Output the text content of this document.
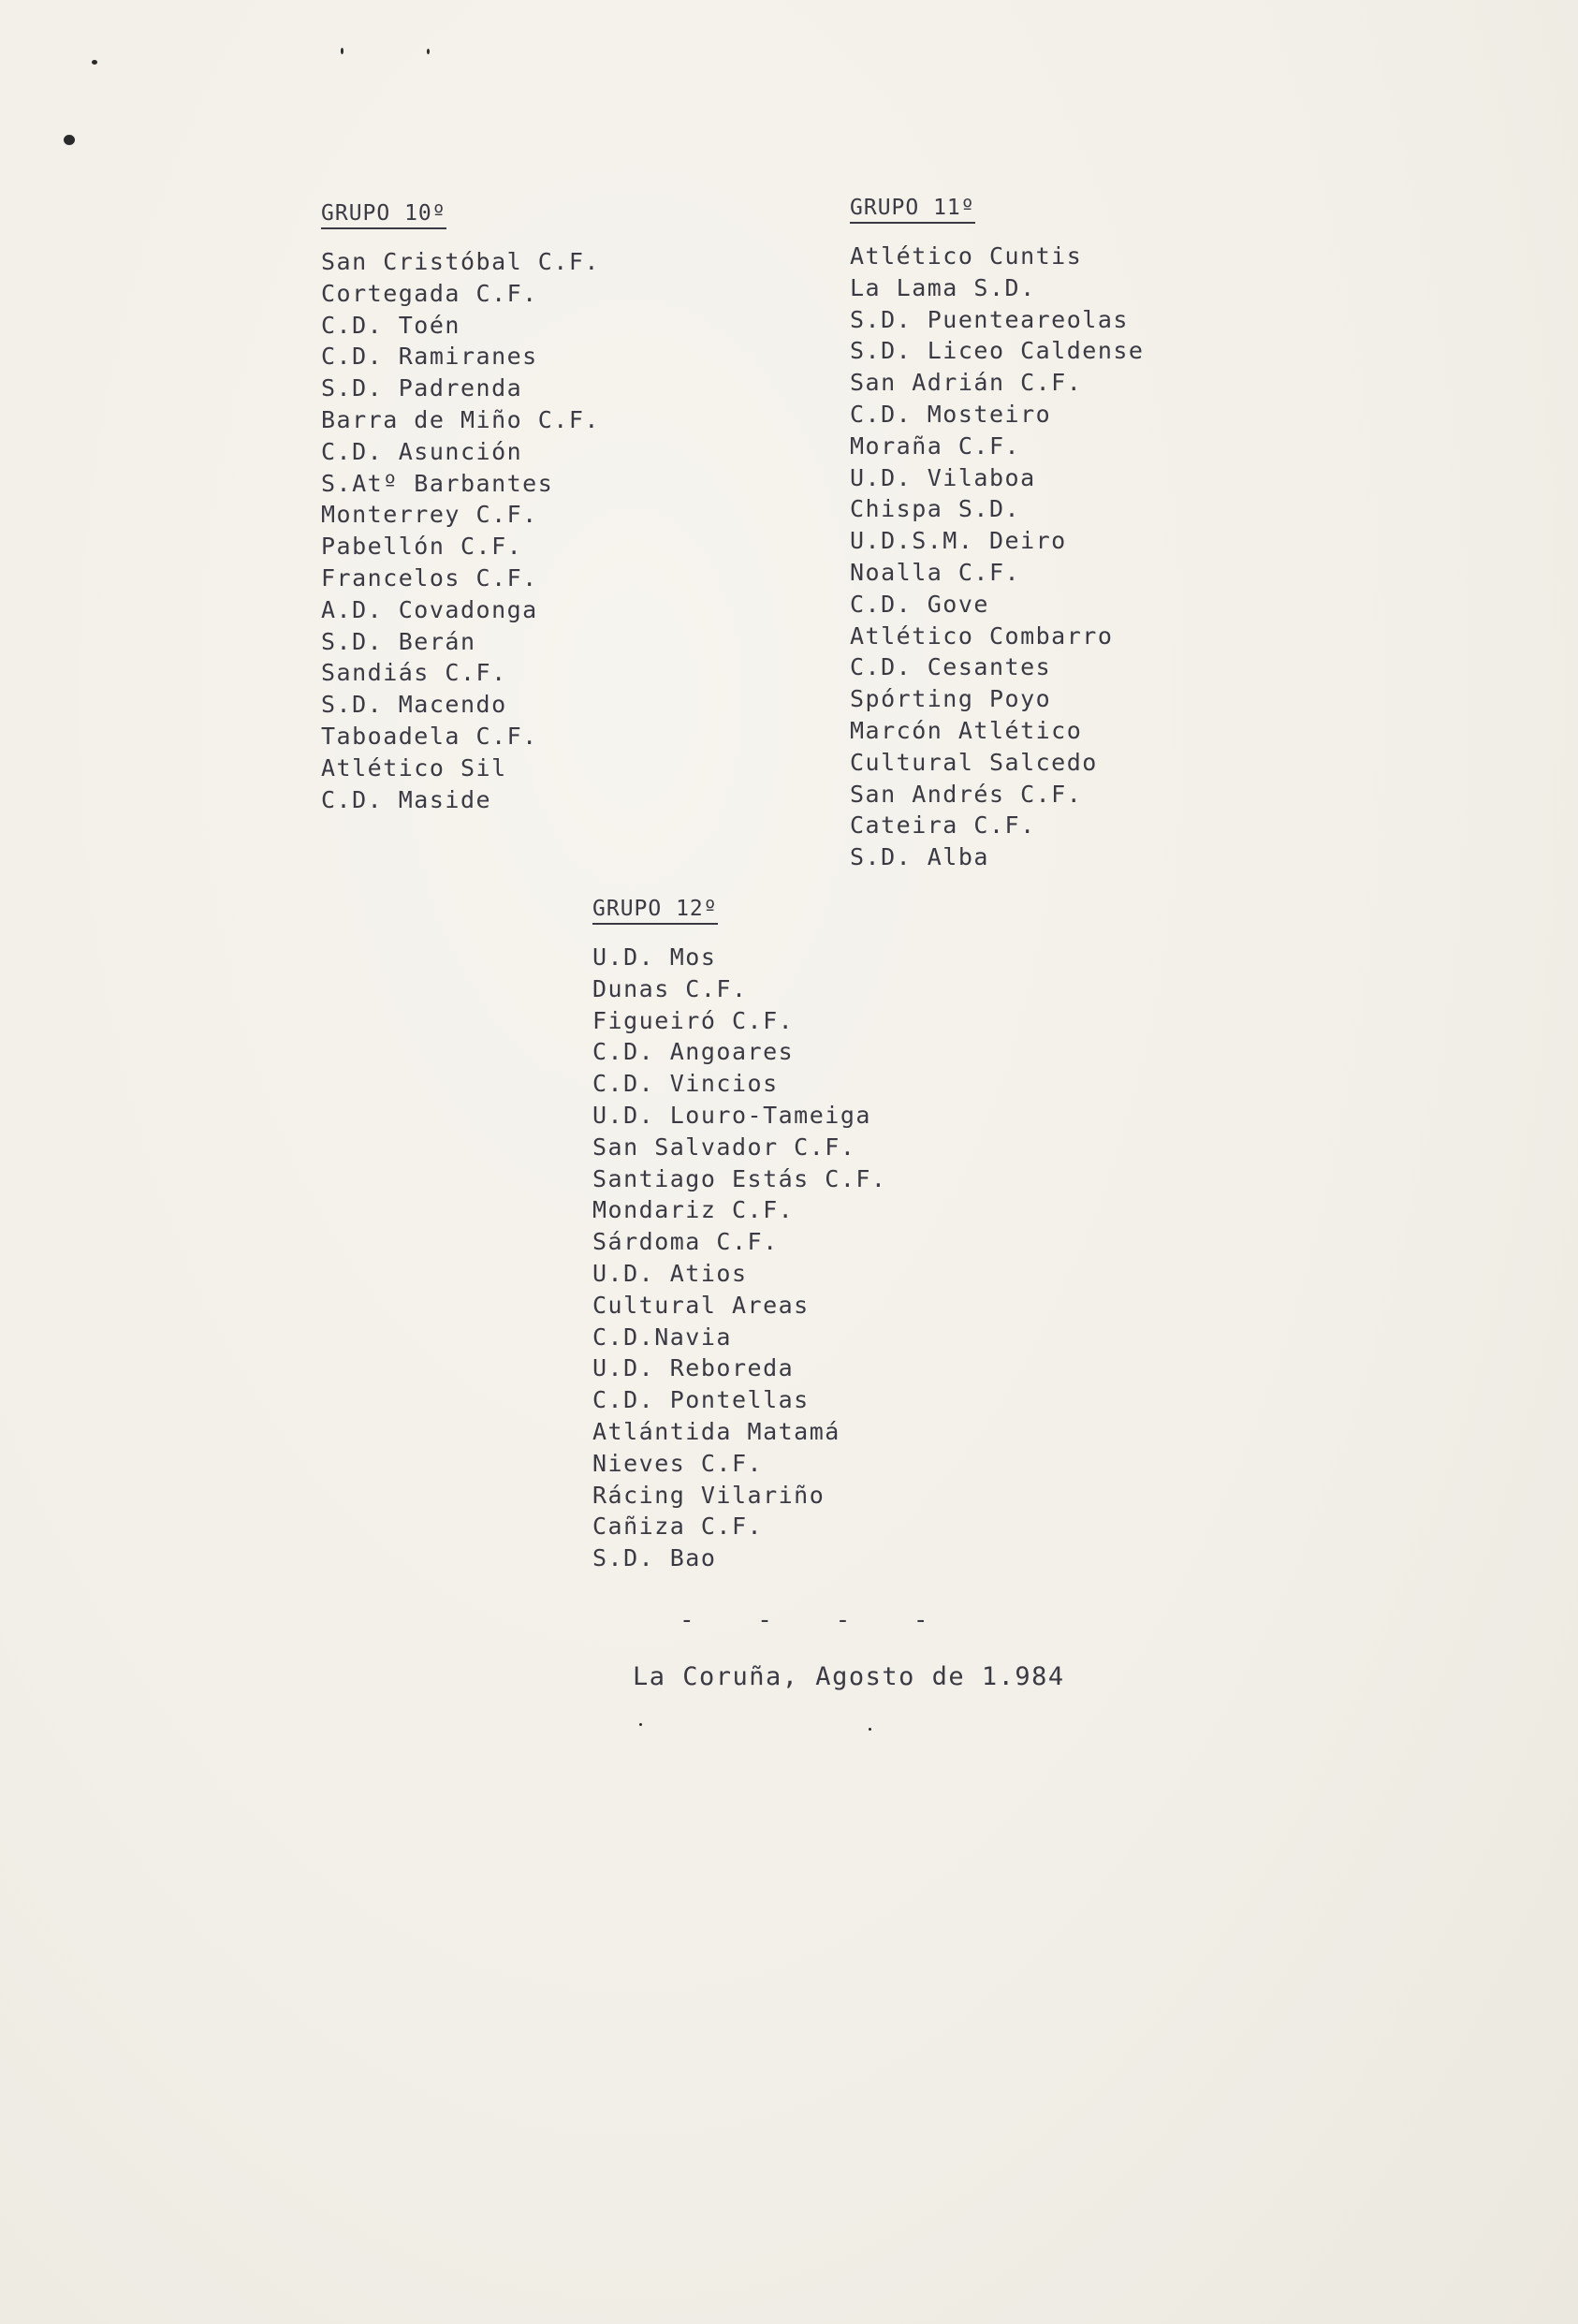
GRUPO 10º
San Cristóbal C.F.
Cortegada C.F.
C.D. Toén
C.D. Ramiranes
S.D. Padrenda
Barra de Miño C.F.
C.D. Asunción
S.Atº Barbantes
Monterrey C.F.
Pabellón C.F.
Francelos C.F.
A.D. Covadonga
S.D. Berán
Sandiás C.F.
S.D. Macendo
Taboadela C.F.
Atlético Sil
C.D. Maside
GRUPO 11º
Atlético Cuntis
La Lama S.D.
S.D. Puenteareolas
S.D. Liceo Caldense
San Adrián C.F.
C.D. Mosteiro
Moraña C.F.
U.D. Vilaboa
Chispa S.D.
U.D.S.M. Deiro
Noalla C.F.
C.D. Gove
Atlético Combarro
C.D. Cesantes
Spórting Poyo
Marcón Atlético
Cultural Salcedo
San Andrés C.F.
Cateira C.F.
S.D. Alba
GRUPO 12º
U.D. Mos
Dunas C.F.
Figueiró C.F.
C.D. Angoares
C.D. Vincios
U.D. Louro-Tameiga
San Salvador C.F.
Santiago Estás C.F.
Mondariz C.F.
Sárdoma C.F.
U.D. Atios
Cultural Areas
C.D.Navia
U.D. Reboreda
C.D. Pontellas
Atlántida Matamá
Nieves C.F.
Rácing Vilariño
Cañiza C.F.
S.D. Bao
- - - -
La Coruña, Agosto de 1.984
